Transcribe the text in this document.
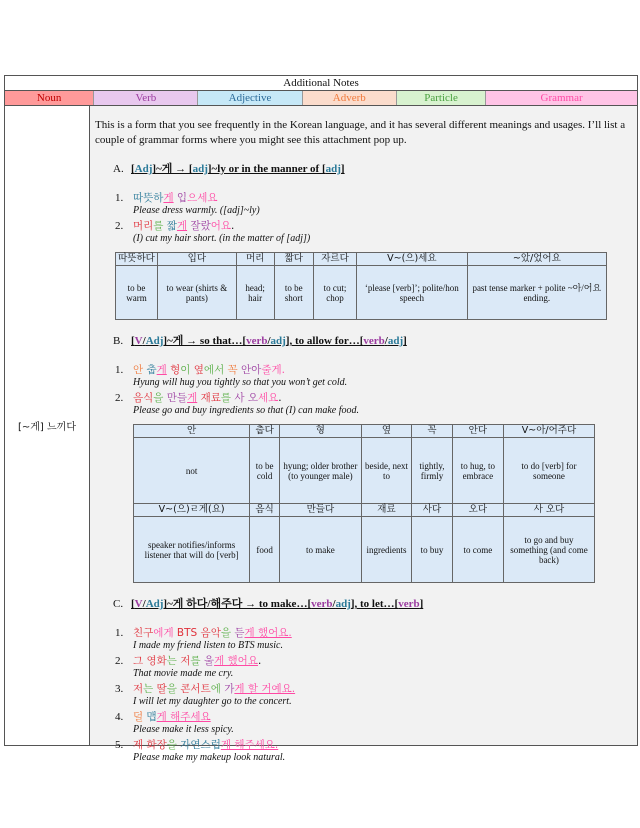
Additional Notes
Noun	Verb	Adjective	Adverb	Particle	Grammar
[~게] 느끼다

This is a form that you see frequently in the Korean language, and it has several different meanings and usages. I’ll list a couple of grammar forms where you might see this attachment pop up.

A. [Adj]~게 → [adj]~ly or in the manner of [adj]
1. 따뜻하게 입으세요
Please dress warmly. ([adj]~ly)
2. 머리를 짧게 잘랐어요.
(I) cut my hair short. (in the matter of [adj])
따뜻하다	입다	머리	짧다	자르다	V~(으)세요	~았/었어요
to be warm	to wear (shirts & pants)	head; hair	to be short	to cut; chop	‘please [verb]’; polite/hon speech	past tense marker + polite ~아/어요 ending.
B. [V/Adj]~게 → so that…[verb/adj], to allow for…[verb/adj]
1. 안 춥게 형이 옆에서 꼭 안아줄게.
Hyung will hug you tightly so that you won’t get cold.
2. 음식을 만들게 재료를 사 오세요.
Please go and buy ingredients so that (I) can make food.
안	춥다	형	옆	꼭	안다	V~아/어주다
not	to be cold	hyung; older brother (to younger male)	beside, next to	tightly, firmly	to hug, to embrace	to do [verb] for someone
V~(으)ㄹ게(요)	음식	만들다	재료	사다	오다	사 오다
speaker notifies/informs listener that will do [verb]	food	to make	ingredients	to buy	to come	to go and buy something (and come back)
C. [V/Adj]~게 하다/해주다 → to make…[verb/adj], to let…[verb]
1. 친구에게 BTS 음악을 듣게 했어요.
I made my friend listen to BTS music.
2. 그 영화는 저를 울게 했어요.
That movie made me cry.
3. 저는 딸을 콘서트에 가게 할 거예요.
I will let my daughter go to the concert.
4. 덜 맵게 해주세요
Please make it less spicy.
5. 제 화장을 자연스럽게 해주세요.
Please make my makeup look natural.
